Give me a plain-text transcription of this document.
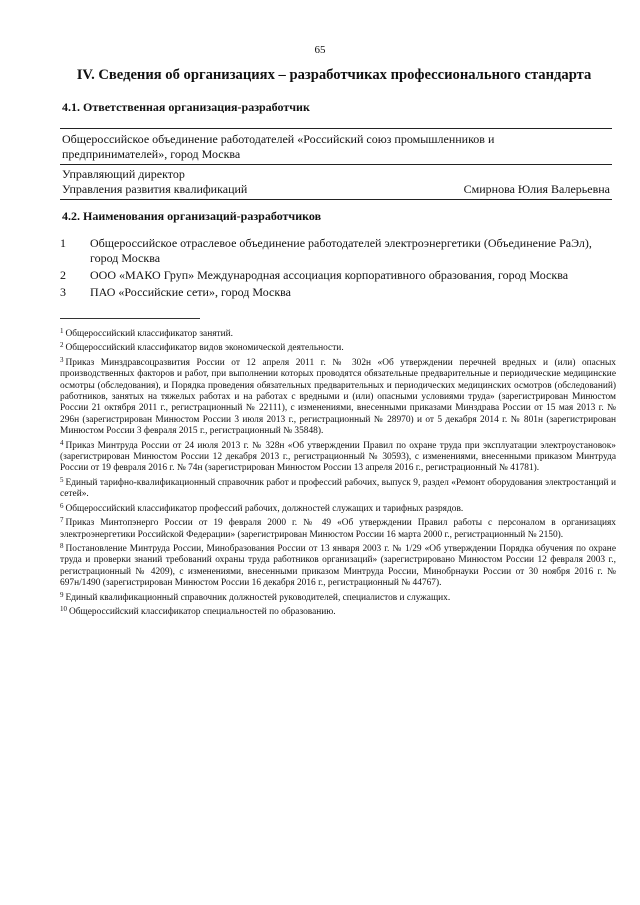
65
IV. Сведения об организациях – разработчиках профессионального стандарта
4.1. Ответственная организация-разработчик
Общероссийское объединение работодателей «Российский союз промышленников и
предпринимателей», город Москва
Управляющий директор
Управления развития квалификаций	Смирнова Юлия Валерьевна
4.2. Наименования организаций-разработчиков
1	Общероссийское отраслевое объединение работодателей электроэнергетики (Объединение РаЭл), город Москва
2	ООО «МАКО Груп» Международная ассоциация корпоративного образования, город Москва
3	ПАО «Российские сети», город Москва

$^1$ Общероссийский классификатор занятий.

$^2$ Общероссийский классификатор видов экономической деятельности.

$^3$ Приказ Минздравсоцразвития России от 12 апреля 2011 г. № 302н «Об утверждении перечней вредных и (или) опасных производственных факторов и работ, при выполнении которых проводятся обязательные предварительные и периодические медицинские осмотры (обследования), и Порядка проведения обязательных предварительных и периодических медицинских осмотров (обследований) работников, занятых на тяжелых работах и на работах с вредными и (или) опасными условиями труда» (зарегистрирован Минюстом России 21 октября 2011 г., регистрационный № 22111), с изменениями, внесенными приказами Минздрава России от 15 мая 2013 г. № 296н (зарегистрирован Минюстом России 3 июля 2013 г., регистрационный № 28970) и от 5 декабря 2014 г. № 801н (зарегистрирован Минюстом России 3 февраля 2015 г., регистрационный № 35848).

$^4$ Приказ Минтруда России от 24 июля 2013 г. № 328н «Об утверждении Правил по охране труда при эксплуатации электроустановок» (зарегистрирован Минюстом России 12 декабря 2013 г., регистрационный № 30593), с изменениями, внесенными приказом Минтруда России от 19 февраля 2016 г. № 74н (зарегистрирован Минюстом России 13 апреля 2016 г., регистрационный № 41781).

$^5$ Единый тарифно-квалификационный справочник работ и профессий рабочих, выпуск 9, раздел «Ремонт оборудования электростанций и сетей».

$^6$ Общероссийский классификатор профессий рабочих, должностей служащих и тарифных разрядов.

$^7$ Приказ Минтопэнерго России от 19 февраля 2000 г. № 49 «Об утверждении Правил работы с персоналом в организациях электроэнергетики Российской Федерации» (зарегистрирован Минюстом России 16 марта 2000 г., регистрационный № 2150).

$^8$ Постановление Минтруда России, Минобразования России от 13 января 2003 г. № 1/29 «Об утверждении Порядка обучения по охране труда и проверки знаний требований охраны труда работников организаций» (зарегистрировано Минюстом России 12 февраля 2003 г., регистрационный № 4209), с изменениями, внесенными приказом Минтруда России, Минобрнауки России от 30 ноября 2016 г. № 697н/1490 (зарегистрирован Минюстом России 16 декабря 2016 г., регистрационный № 44767).

$^9$ Единый квалификационный справочник должностей руководителей, специалистов и служащих.

$^{10}$ Общероссийский классификатор специальностей по образованию.
